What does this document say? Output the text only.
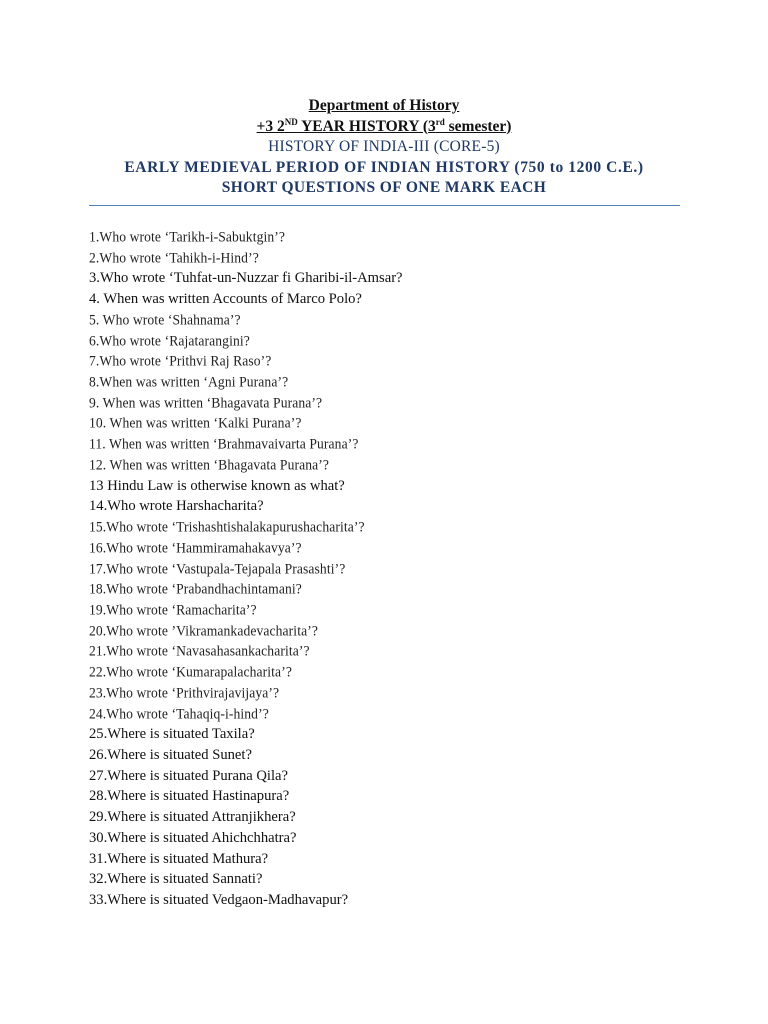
Department of History
+3 2ND YEAR HISTORY (3rd semester)
HISTORY OF INDIA-III (CORE-5)
EARLY MEDIEVAL PERIOD OF INDIAN HISTORY (750 to 1200 C.E.)
SHORT QUESTIONS OF ONE MARK EACH
1.Who wrote ‘Tarikh-i-Sabuktgin’?
2.Who wrote ‘Tahikh-i-Hind’?
3.Who wrote ‘Tuhfat-un-Nuzzar fi Gharibi-il-Amsar?
4. When was written Accounts of Marco Polo?
5. Who wrote ‘Shahnama’?
6.Who wrote ‘Rajatarangini?
7.Who wrote ‘Prithvi Raj Raso’?
8.When was written ‘Agni Purana’?
9. When was written ‘Bhagavata Purana’?
10. When was written ‘Kalki Purana’?
11. When was written ‘Brahmavaivarta Purana’?
12. When was written ‘Bhagavata Purana’?
13 Hindu Law is otherwise known as what?
14.Who wrote Harshacharita?
15.Who wrote ‘Trishashtishalakapurushacharita’?
16.Who wrote ‘Hammiramahakavya’?
17.Who wrote ‘Vastupala-Tejapala Prasashti’?
18.Who wrote ‘Prabandhachintamani?
19.Who wrote ‘Ramacharita’?
20.Who wrote ’Vikramankadevacharita’?
21.Who wrote ‘Navasahasankacharita’?
22.Who wrote ‘Kumarapalacharita’?
23.Who wrote ‘Prithvirajavijaya’?
24.Who wrote ‘Tahaqiq-i-hind’?
25.Where is situated Taxila?
26.Where is situated Sunet?
27.Where is situated Purana Qila?
28.Where is situated Hastinapura?
29.Where is situated Attranjikhera?
30.Where is situated Ahichchhatra?
31.Where is situated Mathura?
32.Where is situated Sannati?
33.Where is situated Vedgaon-Madhavapur?
